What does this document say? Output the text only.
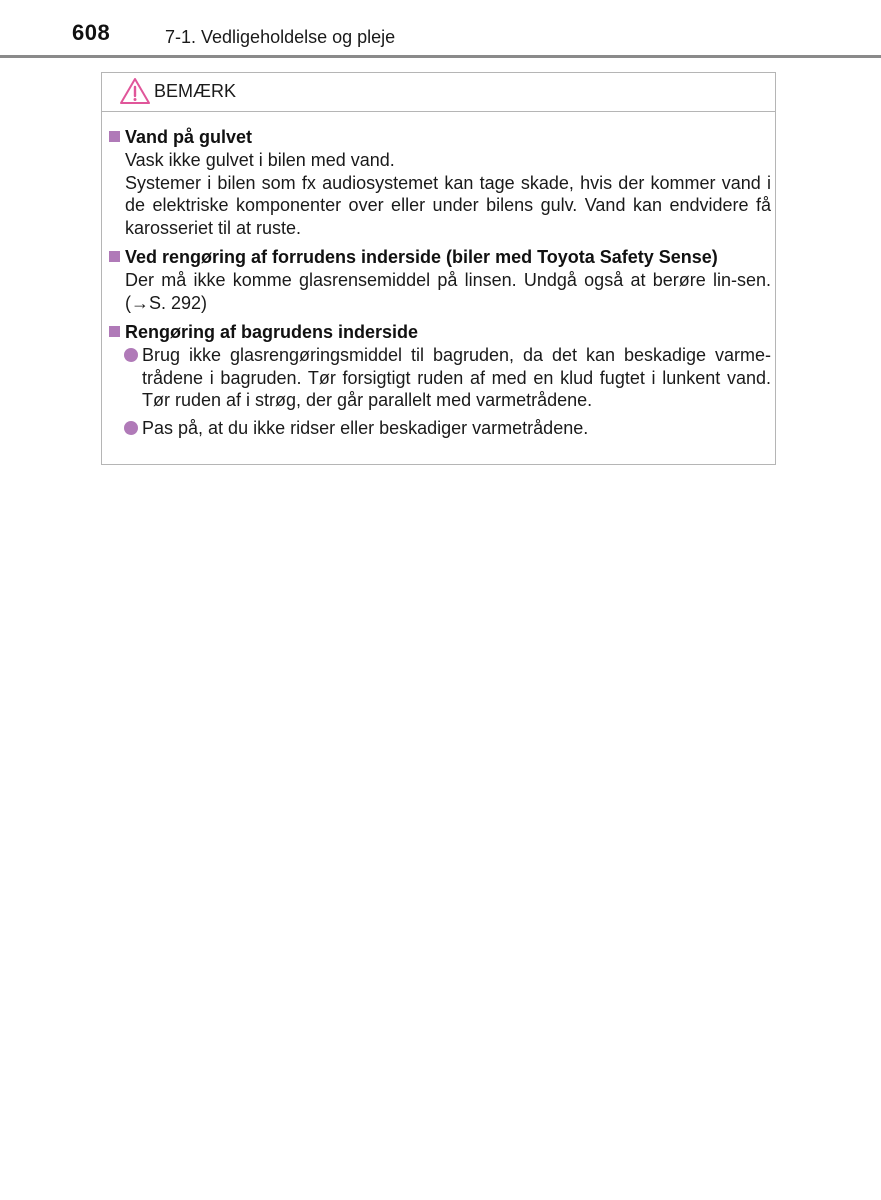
608	7-1. Vedligeholdelse og pleje
BEMÆRK
Vand på gulvet
Vask ikke gulvet i bilen med vand.
Systemer i bilen som fx audiosystemet kan tage skade, hvis der kommer vand i de elektriske komponenter over eller under bilens gulv. Vand kan endvidere få karosseriet til at ruste.
Ved rengøring af forrudens inderside (biler med Toyota Safety Sense)
Der må ikke komme glasrensemiddel på linsen. Undgå også at berøre lin-sen. (→S. 292)
Rengøring af bagrudens inderside
Brug ikke glasrengøringsmiddel til bagruden, da det kan beskadige varme-trådene i bagruden. Tør forsigtigt ruden af med en klud fugtet i lunkent vand. Tør ruden af i strøg, der går parallelt med varmetrådene.
Pas på, at du ikke ridser eller beskadiger varmetrådene.
